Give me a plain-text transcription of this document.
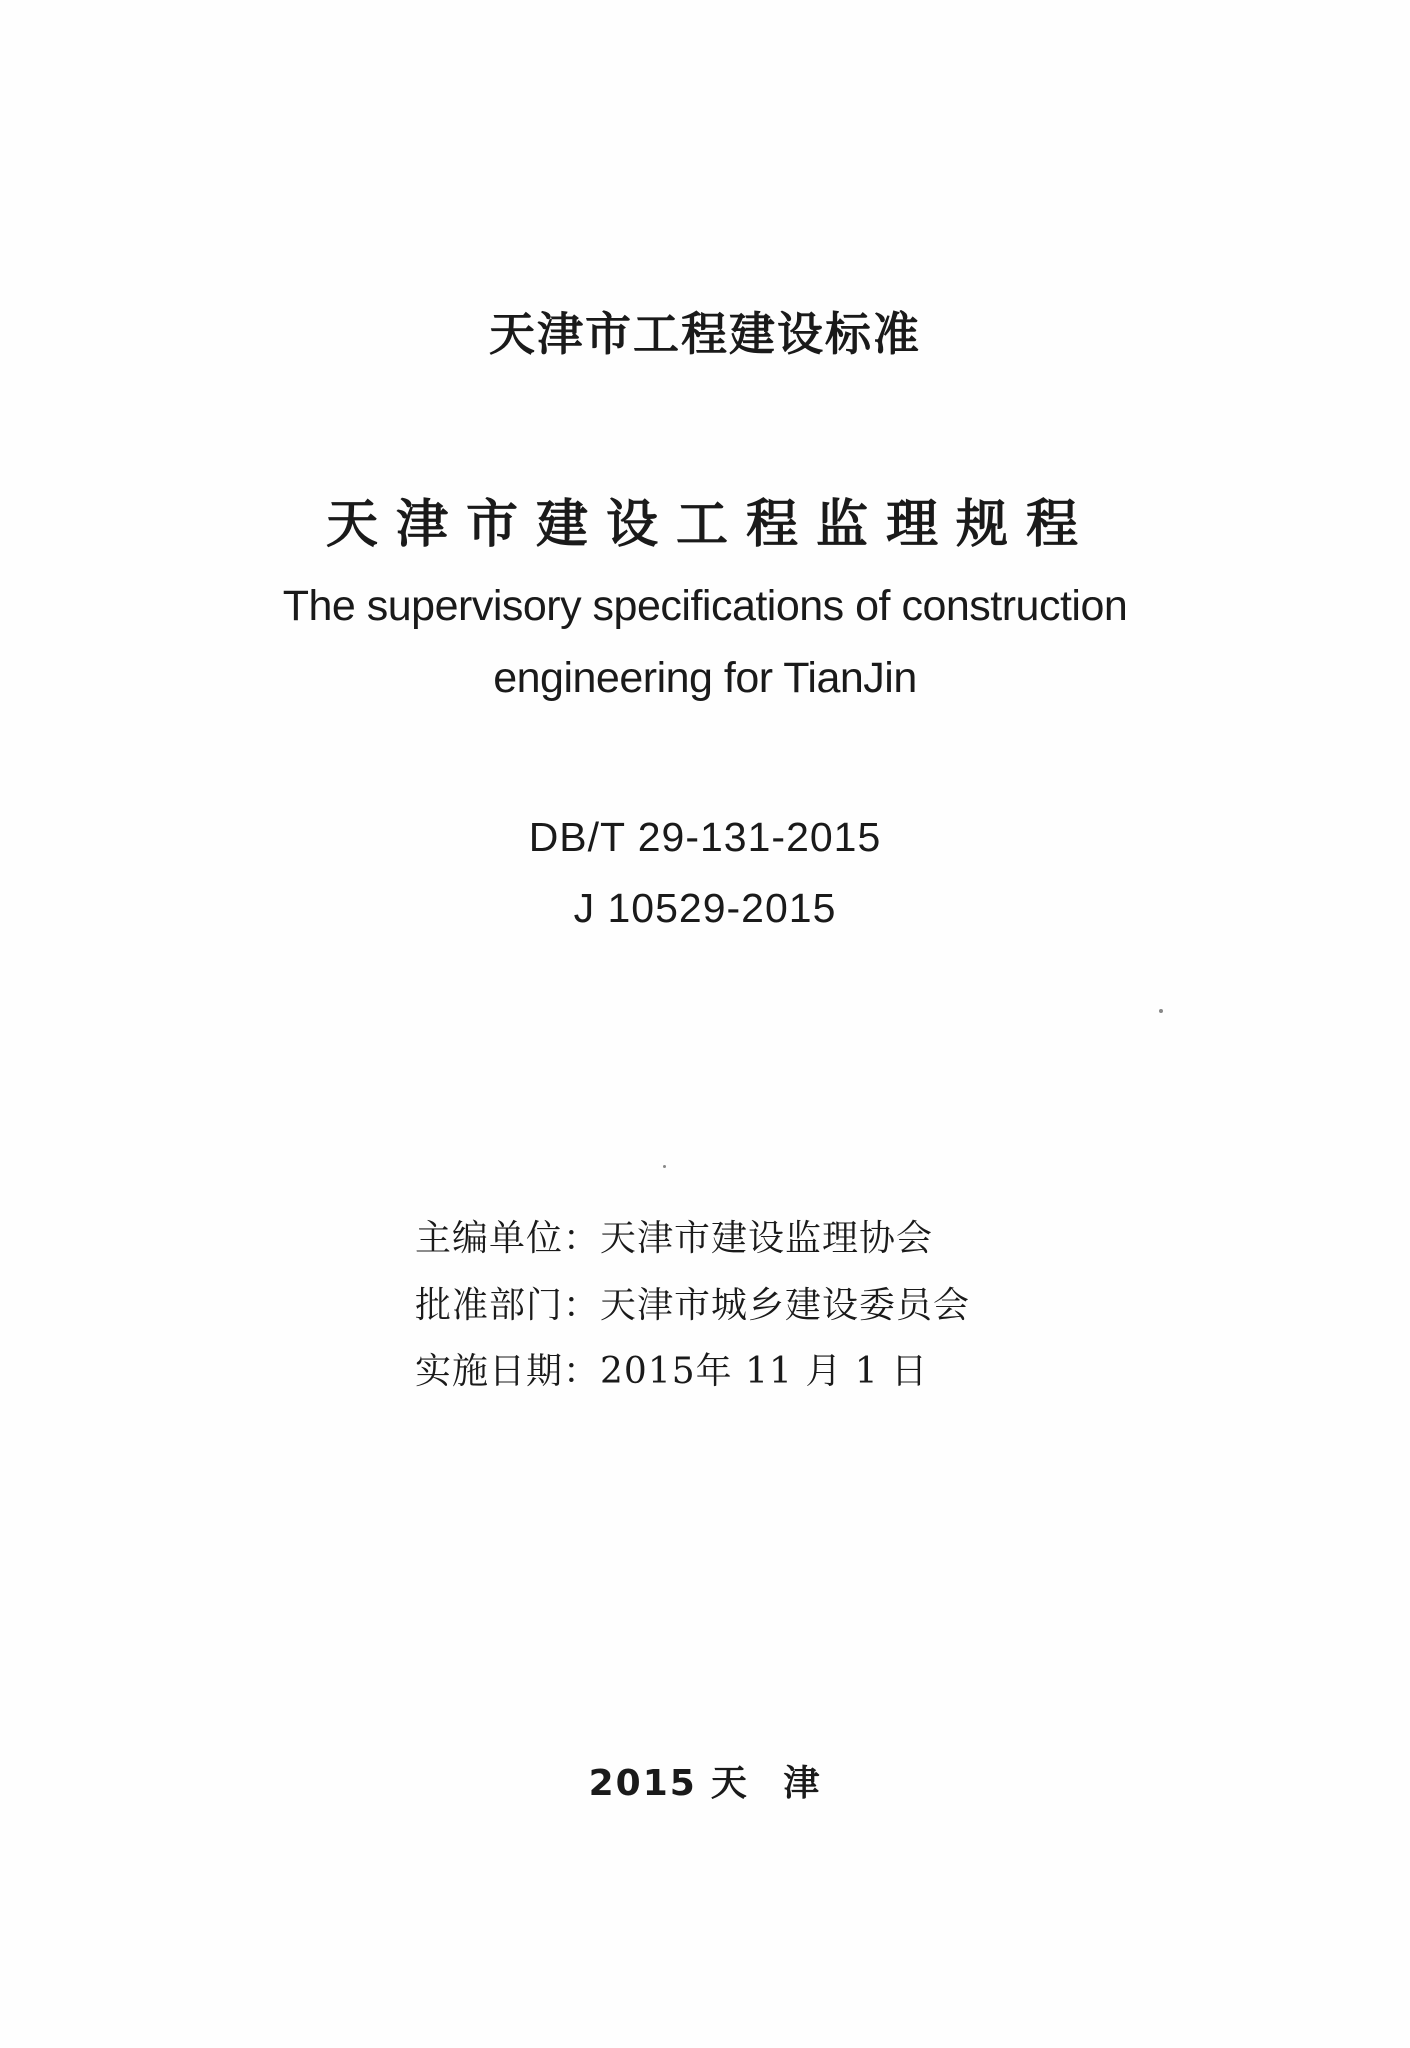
天津市工程建设标准
天津市建设工程监理规程
The supervisory specifications of construction
engineering for TianJin
DB/T 29-131-2015
J 10529-2015
主编单位：天津市建设监理协会
批准部门：天津市城乡建设委员会
实施日期：2015年 11 月 1 日
2015 天 津
